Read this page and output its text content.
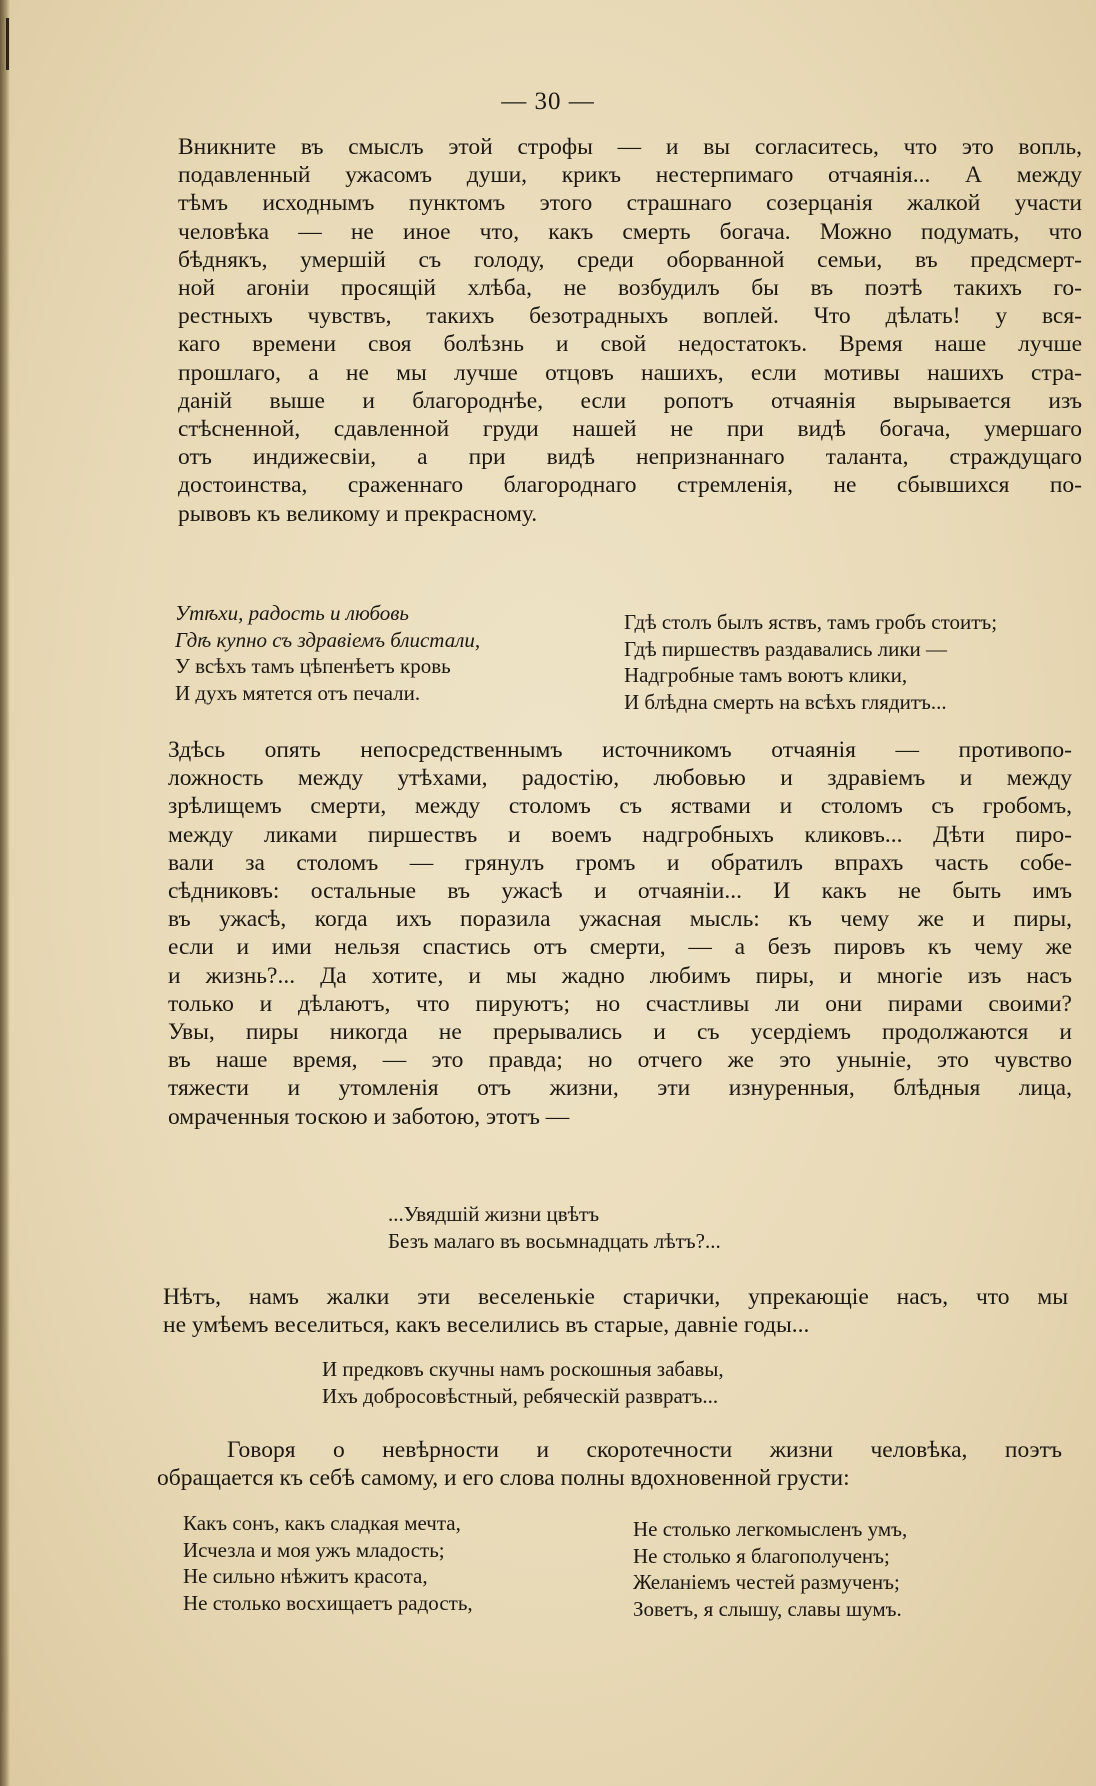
— 30 —
Вникните въ смыслъ этой строфы — и вы согласитесь, что это вопль,
подавленный ужасомъ души, крикъ нестерпимаго отчаянія... А между
тѣмъ исходнымъ пунктомъ этого страшнаго созерцанія жалкой участи
человѣка — не иное что, какъ смерть богача. Можно подумать, что
бѣднякъ, умершій съ голоду, среди оборванной семьи, въ предсмерт-
ной агоніи просящій хлѣба, не возбудилъ бы въ поэтѣ такихъ го-
рестныхъ чувствъ, такихъ безотрадныхъ воплей. Что дѣлать! у вся-
каго времени своя болѣзнь и свой недостатокъ. Время наше лучше
прошлаго, а не мы лучше отцовъ нашихъ, если мотивы нашихъ стра-
даній выше и благороднѣе, если ропотъ отчаянія вырывается изъ
стѣсненной, сдавленной груди нашей не при видѣ богача, умершаго
отъ индижесвіи, а при видѣ непризнаннаго таланта, страждущаго
достоинства, сраженнаго благороднаго стремленія, не сбывшихся по-
рывовъ къ великому и прекрасному.
Утѣхи, радость и любовь
Гдѣ купно съ здравіемъ блистали,
У всѣхъ тамъ цѣпенѣетъ кровь
И духъ мятется отъ печали.
Гдѣ столъ былъ яствъ, тамъ гробъ стоитъ;
Гдѣ пиршествъ раздавались лики —
Надгробные тамъ воютъ клики,
И блѣдна смерть на всѣхъ глядитъ...
Здѣсь опять непосредственнымъ источникомъ отчаянія — противопо-
ложность между утѣхами, радостію, любовью и здравіемъ и между
зрѣлищемъ смерти, между столомъ съ яствами и столомъ съ гробомъ,
между ликами пиршествъ и воемъ надгробныхъ кликовъ... Дѣти пиро-
вали за столомъ — грянулъ громъ и обратилъ впрахъ часть собе-
сѣдниковъ: остальные въ ужасѣ и отчаяніи... И какъ не быть имъ
въ ужасѣ, когда ихъ поразила ужасная мысль: къ чему же и пиры,
если и ими нельзя спастись отъ смерти, — а безъ пировъ къ чему же
и жизнь?... Да хотите, и мы жадно любимъ пиры, и многіе изъ насъ
только и дѣлаютъ, что пируютъ; но счастливы ли они пирами своими?
Увы, пиры никогда не прерывались и съ усердіемъ продолжаются и
въ наше время, — это правда; но отчего же это уныніе, это чувство
тяжести и утомленія отъ жизни, эти изнуренныя, блѣдныя лица,
омраченныя тоскою и заботою, этотъ —
...Увядшій жизни цвѣтъ
Безъ малаго въ восьмнадцать лѣтъ?...
Нѣтъ, намъ жалки эти веселенькіе старички, упрекающіе насъ, что мы
не умѣемъ веселиться, какъ веселились въ старые, давніе годы...
И предковъ скучны намъ роскошныя забавы,
Ихъ добросовѣстный, ребяческій развратъ...
Говоря о невѣрности и скоротечности жизни человѣка, поэтъ
обращается къ себѣ самому, и его слова полны вдохновенной грусти:
Какъ сонъ, какъ сладкая мечта,
Исчезла и моя ужъ младость;
Не сильно нѣжитъ красота,
Не столько восхищаетъ радость,
Не столько легкомысленъ умъ,
Не столько я благополученъ;
Желаніемъ честей размученъ;
Зоветъ, я слышу, славы шумъ.
